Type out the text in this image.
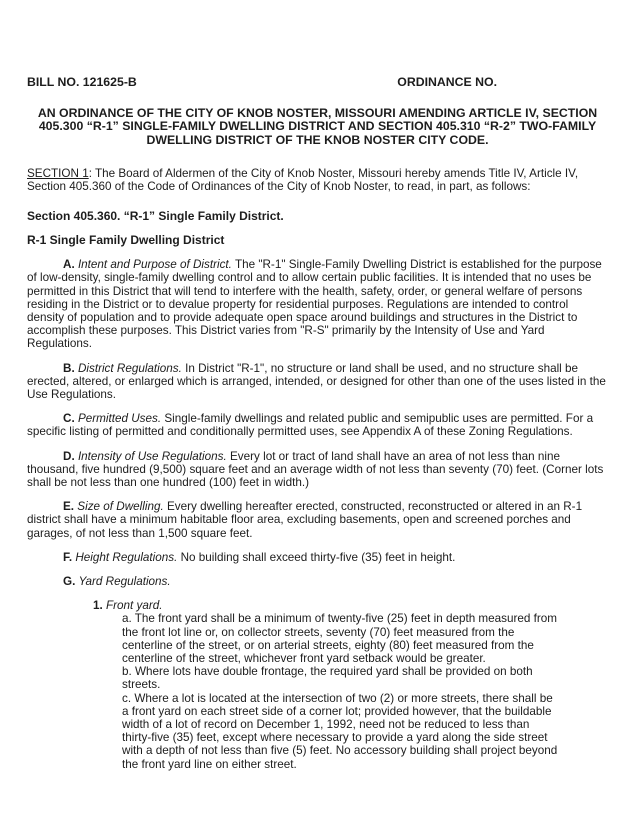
BILL NO. 121625-B	ORDINANCE NO.
AN ORDINANCE OF THE CITY OF KNOB NOSTER, MISSOURI AMENDING ARTICLE IV, SECTION
405.300 “R-1” SINGLE-FAMILY DWELLING DISTRICT AND SECTION 405.310 “R-2” TWO-FAMILY
DWELLING DISTRICT OF THE KNOB NOSTER CITY CODE.
SECTION 1: The Board of Aldermen of the City of Knob Noster, Missouri hereby amends Title IV, Article IV, Section 405.360 of the Code of Ordinances of the City of Knob Noster, to read, in part, as follows:
Section 405.360. “R-1” Single Family District.
R-1 Single Family Dwelling District
A. Intent and Purpose of District. The "R-1" Single-Family Dwelling District is established for the purpose of low-density, single-family dwelling control and to allow certain public facilities. It is intended that no uses be permitted in this District that will tend to interfere with the health, safety, order, or general welfare of persons residing in the District or to devalue property for residential purposes. Regulations are intended to control density of population and to provide adequate open space around buildings and structures in the District to accomplish these purposes. This District varies from "R-S" primarily by the Intensity of Use and Yard Regulations.
B. District Regulations. In District "R-1", no structure or land shall be used, and no structure shall be erected, altered, or enlarged which is arranged, intended, or designed for other than one of the uses listed in the Use Regulations.
C. Permitted Uses. Single-family dwellings and related public and semipublic uses are permitted. For a specific listing of permitted and conditionally permitted uses, see Appendix A of these Zoning Regulations.
D. Intensity of Use Regulations. Every lot or tract of land shall have an area of not less than nine thousand, five hundred (9,500) square feet and an average width of not less than seventy (70) feet. (Corner lots shall be not less than one hundred (100) feet in width.)
E. Size of Dwelling. Every dwelling hereafter erected, constructed, reconstructed or altered in an R-1 district shall have a minimum habitable floor area, excluding basements, open and screened porches and garages, of not less than 1,500 square feet.
F. Height Regulations. No building shall exceed thirty-five (35) feet in height.
G. Yard Regulations.
1. Front yard.
a. The front yard shall be a minimum of twenty-five (25) feet in depth measured from the front lot line or, on collector streets, seventy (70) feet measured from the centerline of the street, or on arterial streets, eighty (80) feet measured from the centerline of the street, whichever front yard setback would be greater.
b. Where lots have double frontage, the required yard shall be provided on both streets.
c. Where a lot is located at the intersection of two (2) or more streets, there shall be a front yard on each street side of a corner lot; provided however, that the buildable width of a lot of record on December 1, 1992, need not be reduced to less than thirty-five (35) feet, except where necessary to provide a yard along the side street with a depth of not less than five (5) feet. No accessory building shall project beyond the front yard line on either street.
